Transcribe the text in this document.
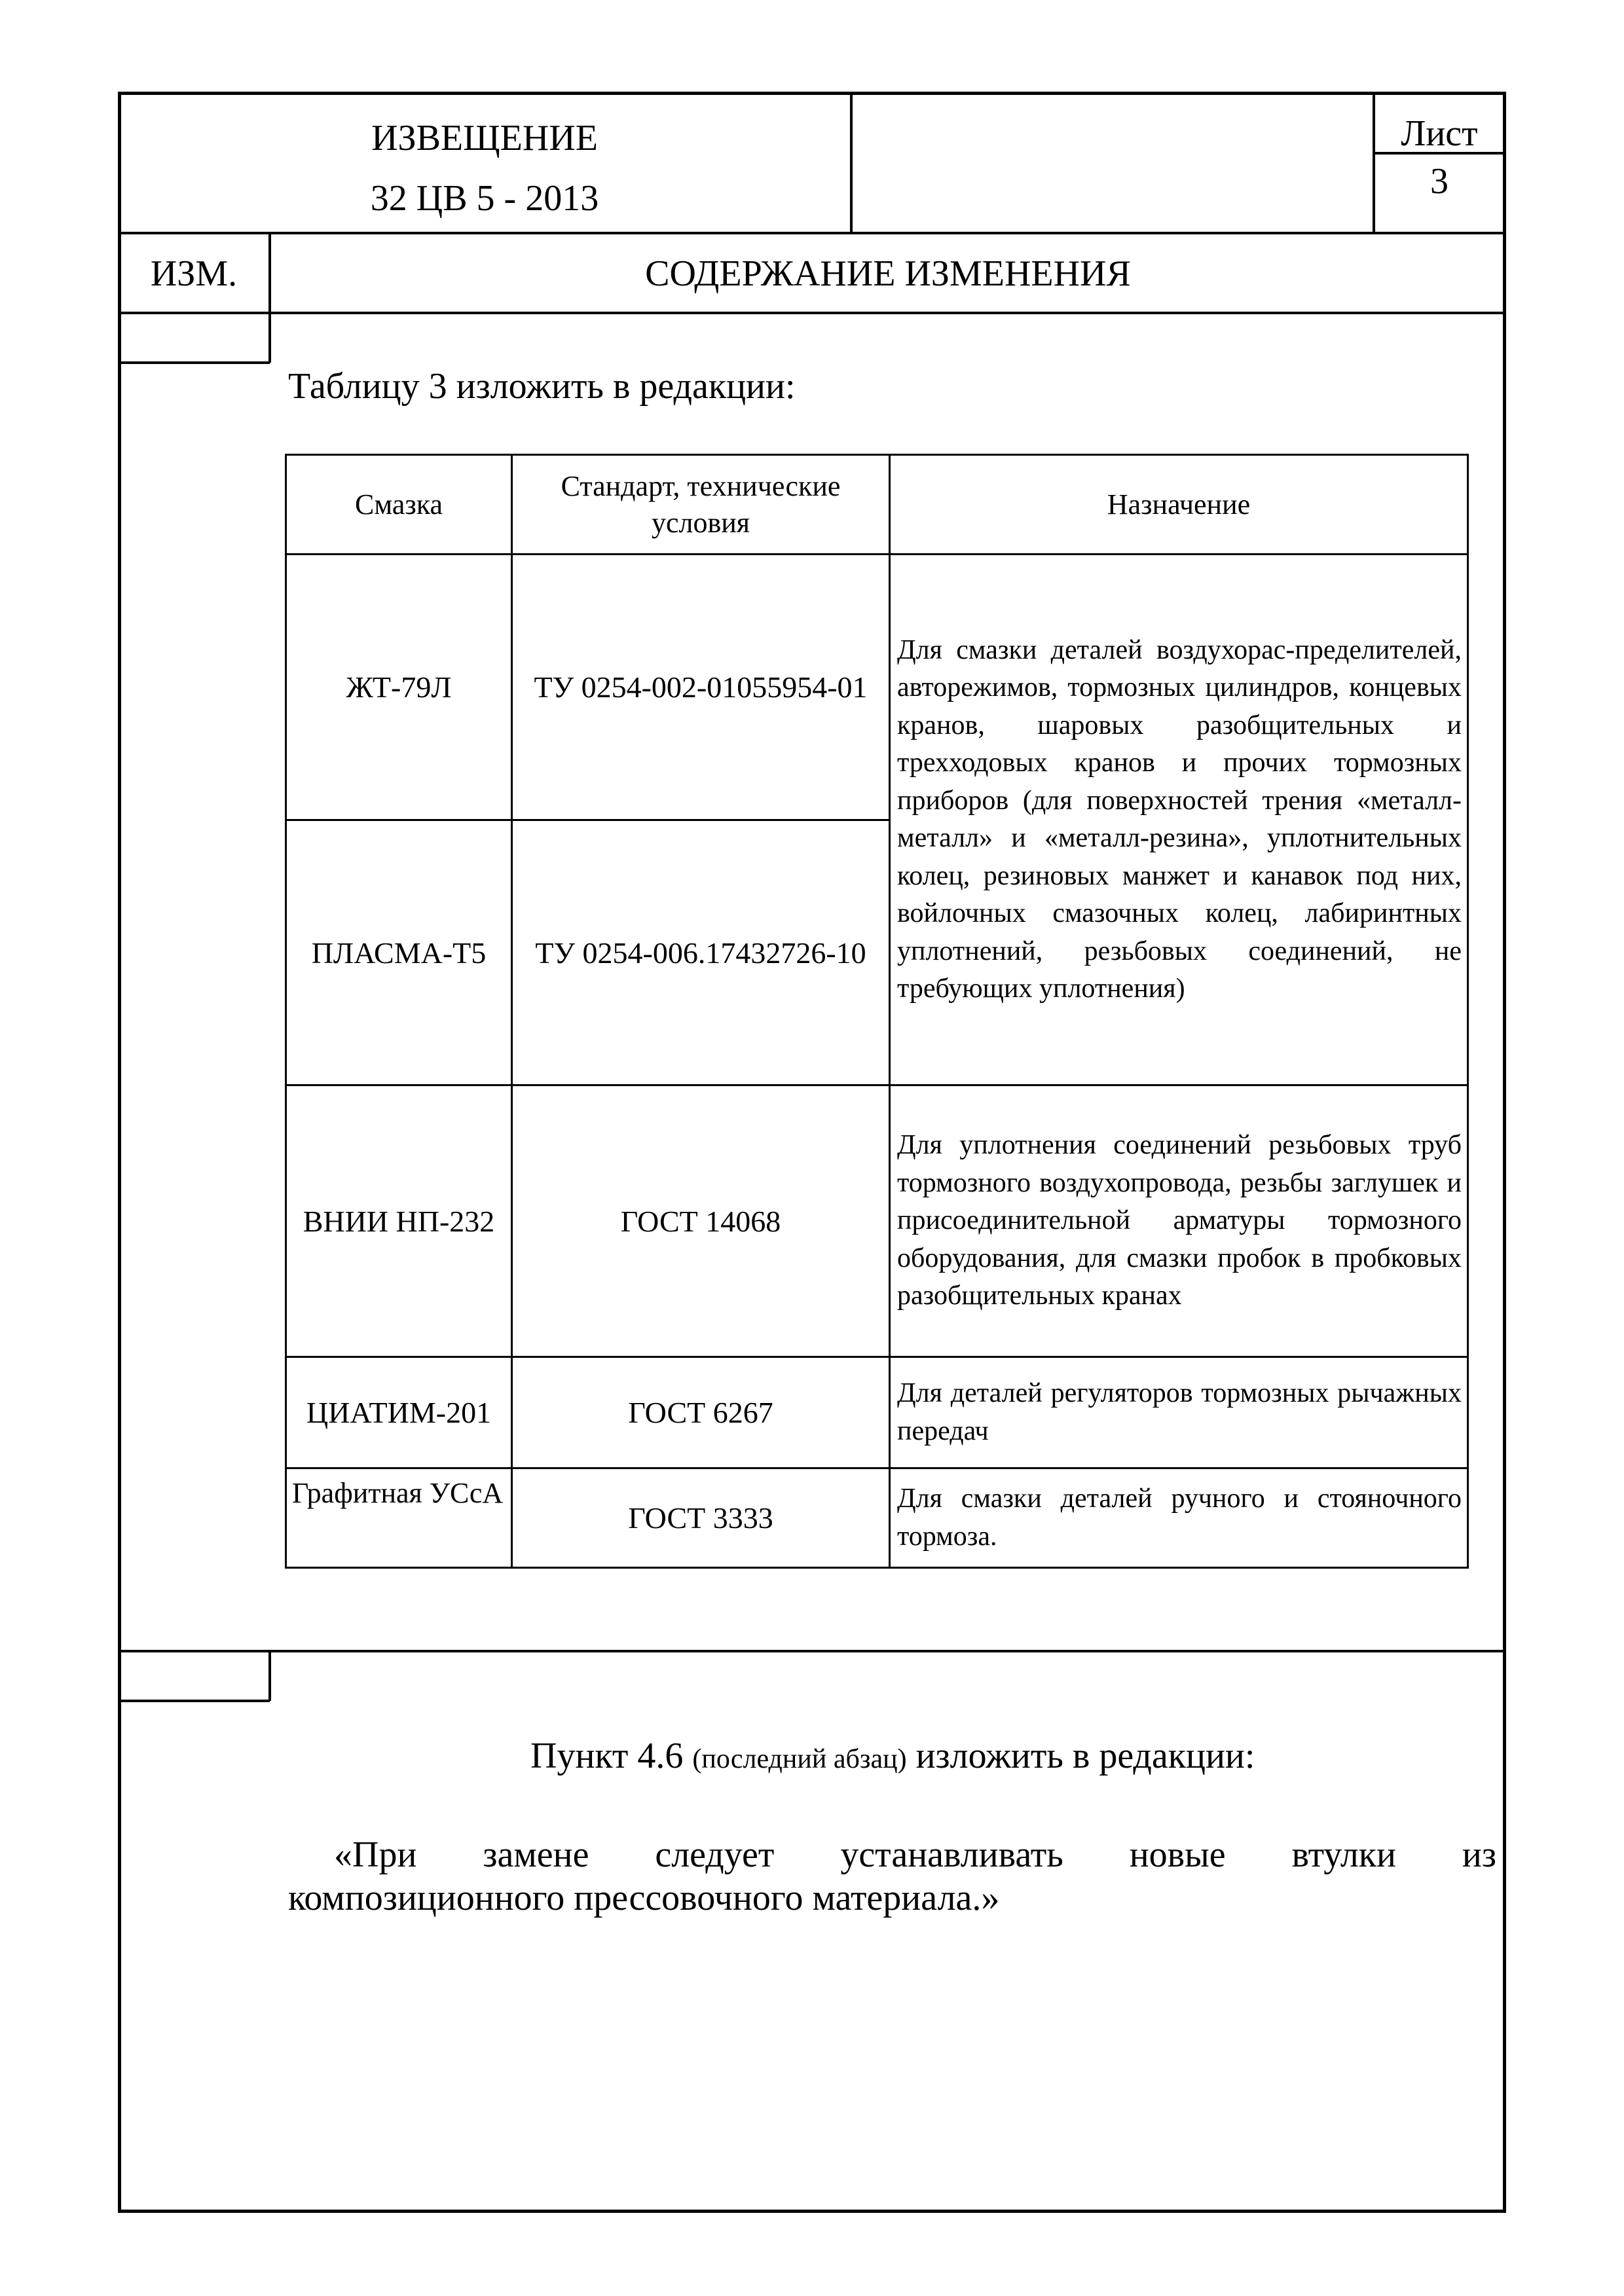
ИЗВЕЩЕНИЕ
32 ЦВ 5 - 2013
Лист
3
ИЗМ.	СОДЕРЖАНИЕ ИЗМЕНЕНИЯ
Таблицу 3 изложить в редакции:
Смазка	Стандарт, технические условия	Назначение
ЖТ-79Л	ТУ 0254-002-01055954-01	Для смазки деталей воздухорас-пределителей, авторежимов, тормозных цилиндров, концевых кранов, шаровых разобщительных и трехходовых кранов и прочих тормозных приборов (для поверхностей трения «металл-металл» и «металл-резина», уплотнительных колец, резиновых манжет и канавок под них, войлочных смазочных колец, лабиринтных уплотнений, резьбовых соединений, не требующих уплотнения)
ПЛАСМА-Т5	ТУ 0254-006.17432726-10	
ВНИИ НП-232	ГОСТ 14068	Для уплотнения соединений резьбовых труб тормозного воздухопровода, резьбы заглушек и присоединительной арматуры тормозного оборудования, для смазки пробок в пробковых разобщительных кранах
ЦИАТИМ-201	ГОСТ 6267	Для деталей регуляторов тормозных рычажных передач
Графитная УСсА	ГОСТ 3333	Для смазки деталей ручного и стояночного тормоза.
Пункт 4.6 (последний абзац) изложить в редакции:
«При замене следует устанавливать новые втулки из
композиционного прессовочного материала.»
